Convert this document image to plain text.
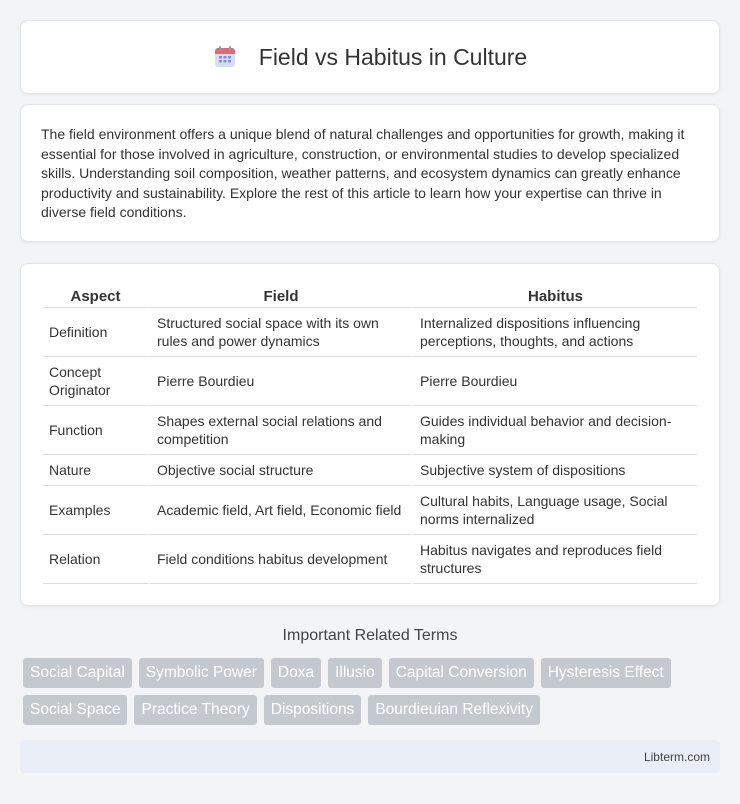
Field vs Habitus in Culture

The field environment offers a unique blend of natural challenges and opportunities for growth, making it essential for those involved in agriculture, construction, or environmental studies to develop specialized skills. Understanding soil composition, weather patterns, and ecosystem dynamics can greatly enhance productivity and sustainability. Explore the rest of this article to learn how your expertise can thrive in diverse field conditions.

Aspect	Field	Habitus
Definition	Structured social space with its own rules and power dynamics	Internalized dispositions influencing perceptions, thoughts, and actions
Concept Originator	Pierre Bourdieu	Pierre Bourdieu
Function	Shapes external social relations and competition	Guides individual behavior and decision-making
Nature	Objective social structure	Subjective system of dispositions
Examples	Academic field, Art field, Economic field	Cultural habits, Language usage, Social norms internalized
Relation	Field conditions habitus development	Habitus navigates and reproduces field structures
Important Related Terms
Social Capital	Symbolic Power	Doxa	Illusio	Capital Conversion	Hysteresis Effect
Social Space	Practice Theory	Dispositions	Bourdieuian Reflexivity
Libterm.com
